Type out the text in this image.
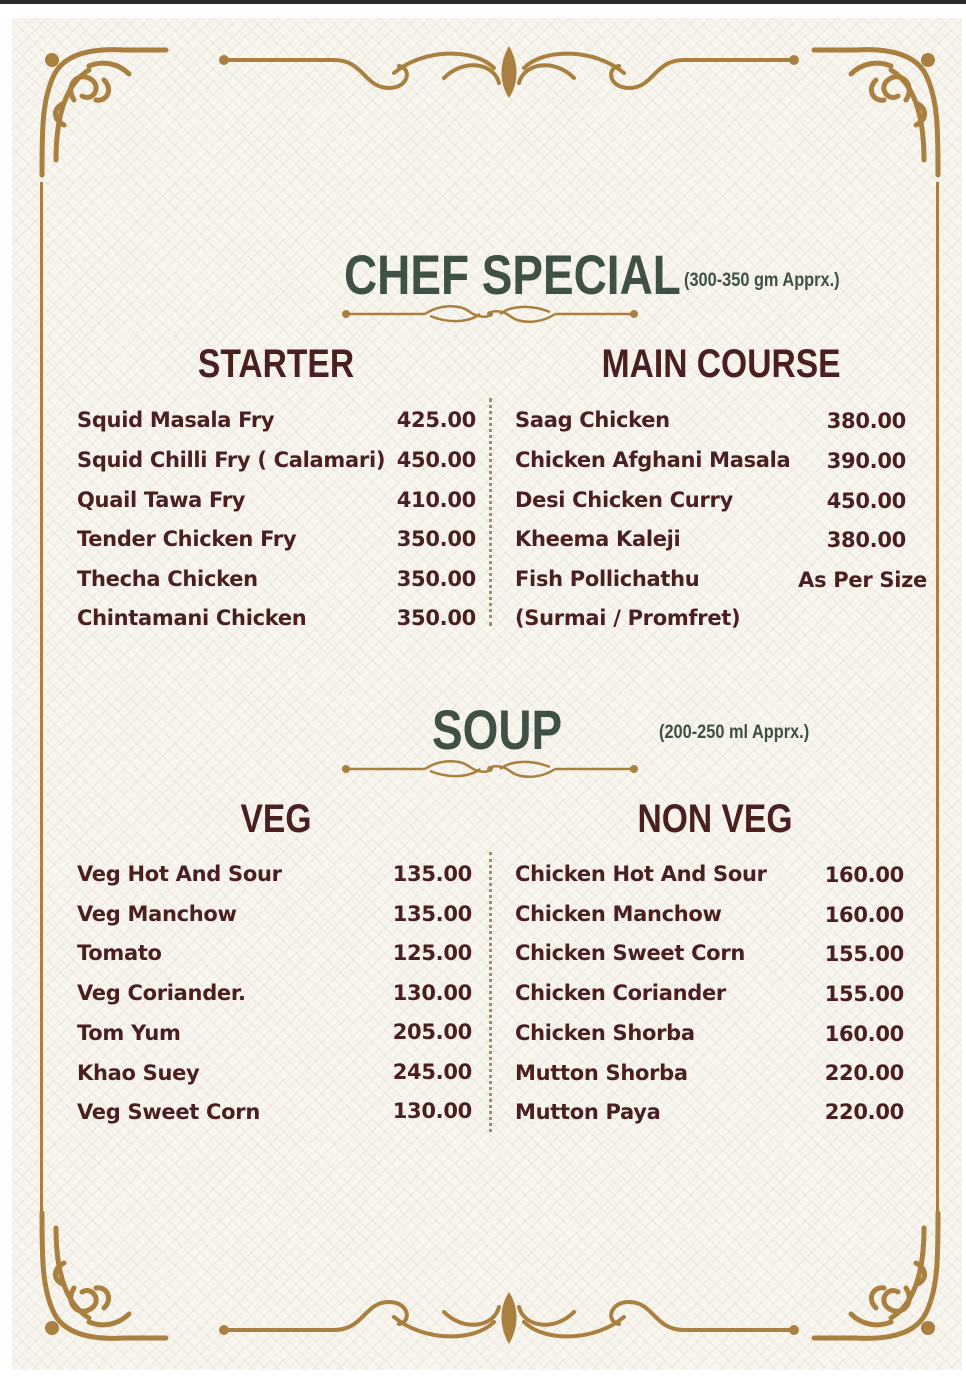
CHEF SPECIAL (300-350 gm Apprx.)
STARTER	MAIN COURSE
Squid Masala Fry	425.00
Squid Chilli Fry ( Calamari) 450.00
Quail Tawa Fry	410.00
Tender Chicken Fry	350.00
Thecha Chicken	350.00
Chintamani Chicken	350.00
Saag Chicken	380.00
Chicken Afghani Masala	390.00
Desi Chicken Curry	450.00
Kheema Kaleji	380.00
Fish Pollichathu	As Per Size
(Surmai / Promfret)
SOUP	(200-250 ml Apprx.)
VEG	NON VEG
Veg Hot And Sour	135.00
Veg Manchow	135.00
Tomato	125.00
Veg Coriander.	130.00
Tom Yum	205.00
Khao Suey	245.00
Veg Sweet Corn	130.00
Chicken Hot And Sour	160.00
Chicken Manchow	160.00
Chicken Sweet Corn	155.00
Chicken Coriander	155.00
Chicken Shorba	160.00
Mutton Shorba	220.00
Mutton Paya	220.00
